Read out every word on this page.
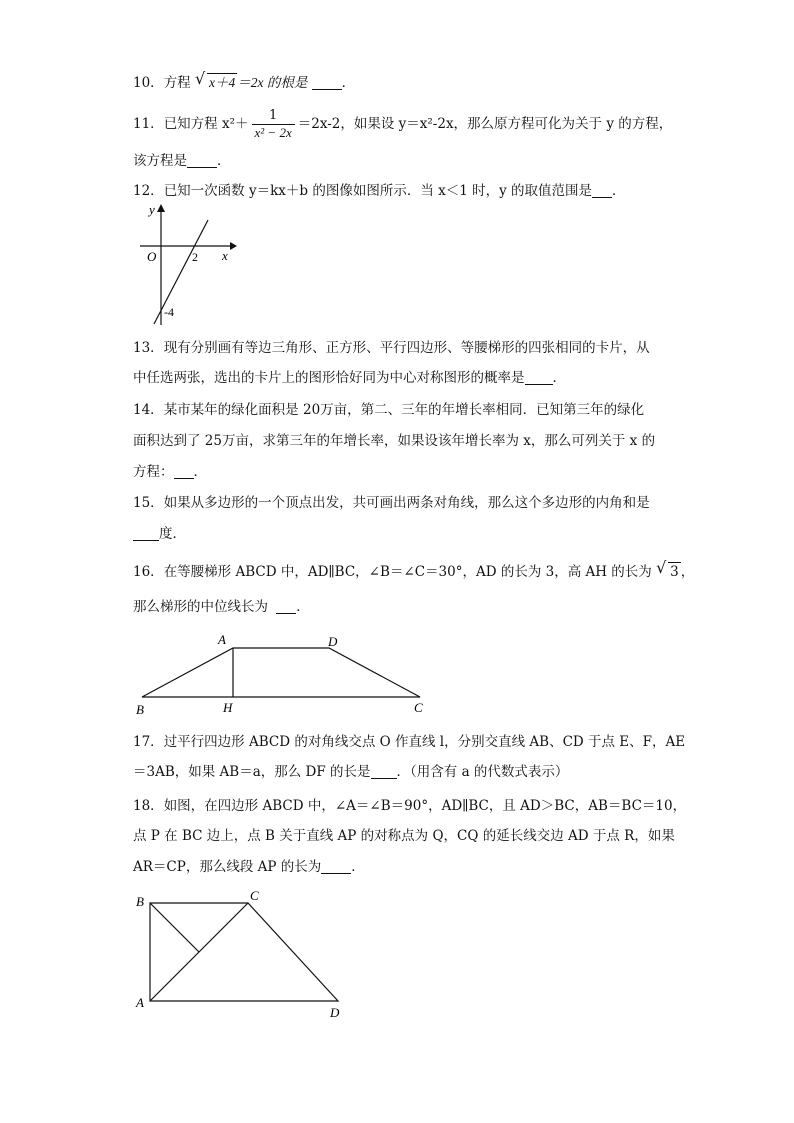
10．方程 √ x＋4 ＝2x 的根是	．
11．已知方程 $x^2+ \frac{1}{\text{x² − 2x}} =2x-2$，如果设 y＝x²-2x，那么原方程可化为关于 y 的方程，
该方程是 ．
12．已知一次函数 y＝kx＋b 的图像如图所示．当 x＜1 时，y 的取值范围是 ．
y
x
O	2
-4
13．现有分别画有等边三角形、正方形、平行四边形、等腰梯形的四张相同的卡片，从
中任选两张，选出的卡片上的图形恰好同为中心对称图形的概率是 ．
14．某市某年的绿化面积是 20万亩，第二、三年的年增长率相同．已知第三年的绿化
面积达到了 25万亩，求第三年的年增长率，如果设该年增长率为 x，那么可列关于 x 的
方程： ．
15．如果从多边形的一个顶点出发，共可画出两条对角线，那么这个多边形的内角和是
度．
16．在等腰梯形 ABCD 中，AD∥BC，∠B＝∠C＝30°，AD 的长为 3，高 AH 的长为 √ 3 ，
那么梯形的中位线长为 ．
A	D
B	H	C
17．过平行四边形 ABCD 的对角线交点 O 作直线 l，分别交直线 AB、CD 于点 E、F，AE
＝3AB，如果 AB＝a，那么 DF 的长是 ．（用含有 a 的代数式表示）
18．如图，在四边形 ABCD 中，∠A＝∠B＝90°，AD∥BC，且 AD＞BC，AB＝BC＝10，
点 P 在 BC 边上，点 B 关于直线 AP 的对称点为 Q，CQ 的延长线交边 AD 于点 R，如果
AR＝CP，那么线段 AP 的长为 ．
B	C
A
D
